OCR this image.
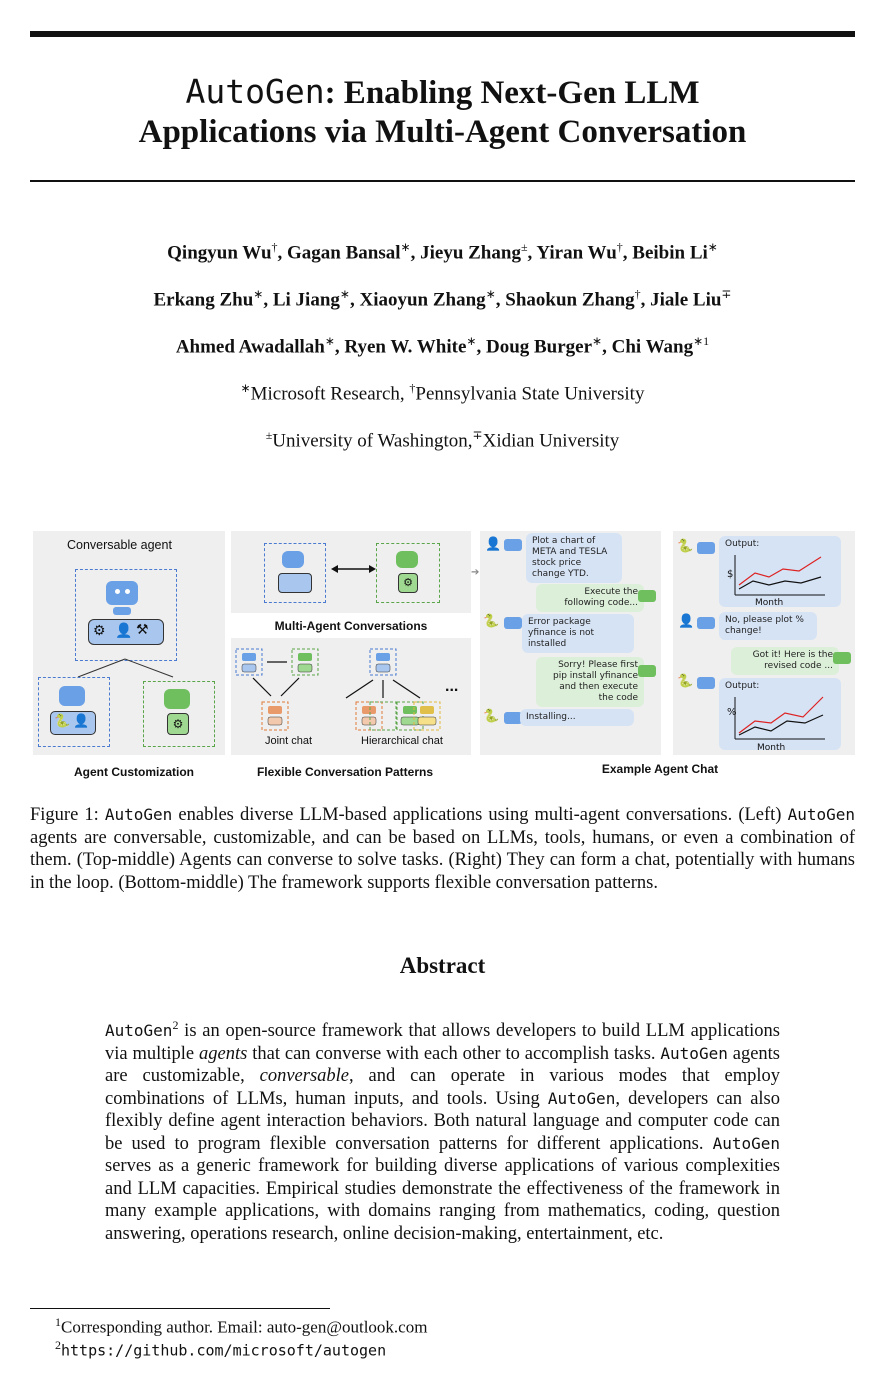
AutoGen: Enabling Next-Gen LLM
Applications via Multi-Agent Conversation
Qingyun Wu†, Gagan Bansal∗, Jieyu Zhang±, Yiran Wu†, Beibin Li∗
Erkang Zhu∗, Li Jiang∗, Xiaoyun Zhang∗, Shaokun Zhang†, Jiale Liu∓
Ahmed Awadallah∗, Ryen W. White∗, Doug Burger∗, Chi Wang$^{∗1}$
∗Microsoft Research, †Pennsylvania State University
±University of Washington,∓Xidian University
Conversable agent
⚙ 👤 ⚒
🐍 👤	⚙
Agent Customization
⚙
Multi-Agent Conversations
...
Joint chat	Hierarchical chat
Flexible Conversation Patterns
➔
👤	Plot a chart of META and TESLA stock price change YTD.
Execute the following code...
🐍	Error package yfinance is not installed
Sorry! Please first pip install yfinance and then execute the code
🐍	Installing...
🐍	Output:
$
Month
👤	No, please plot % change!
Got it! Here is the revised code ...
🐍	Output:
%
Month
Example Agent Chat
Figure 1: AutoGen enables diverse LLM-based applications using multi-agent conversations. (Left) AutoGen agents are conversable, customizable, and can be based on LLMs, tools, humans, or even a combination of them. (Top-middle) Agents can converse to solve tasks. (Right) They can form a chat, potentially with humans in the loop. (Bottom-middle) The framework supports flexible conversation patterns.
Abstract
AutoGen$^2$ is an open-source framework that allows developers to build LLM applications via multiple agents that can converse with each other to accomplish tasks. AutoGen agents are customizable, conversable, and can operate in various modes that employ combinations of LLMs, human inputs, and tools. Using AutoGen, developers can also flexibly define agent interaction behaviors. Both natural language and computer code can be used to program flexible conversation patterns for different applications. AutoGen serves as a generic framework for building diverse applications of various complexities and LLM capacities. Empirical studies demonstrate the effectiveness of the framework in many example applications, with domains ranging from mathematics, coding, question answering, operations research, online decision-making, entertainment, etc.
$^1$Corresponding author. Email: auto-gen@outlook.com
$^2$https://github.com/microsoft/autogen
